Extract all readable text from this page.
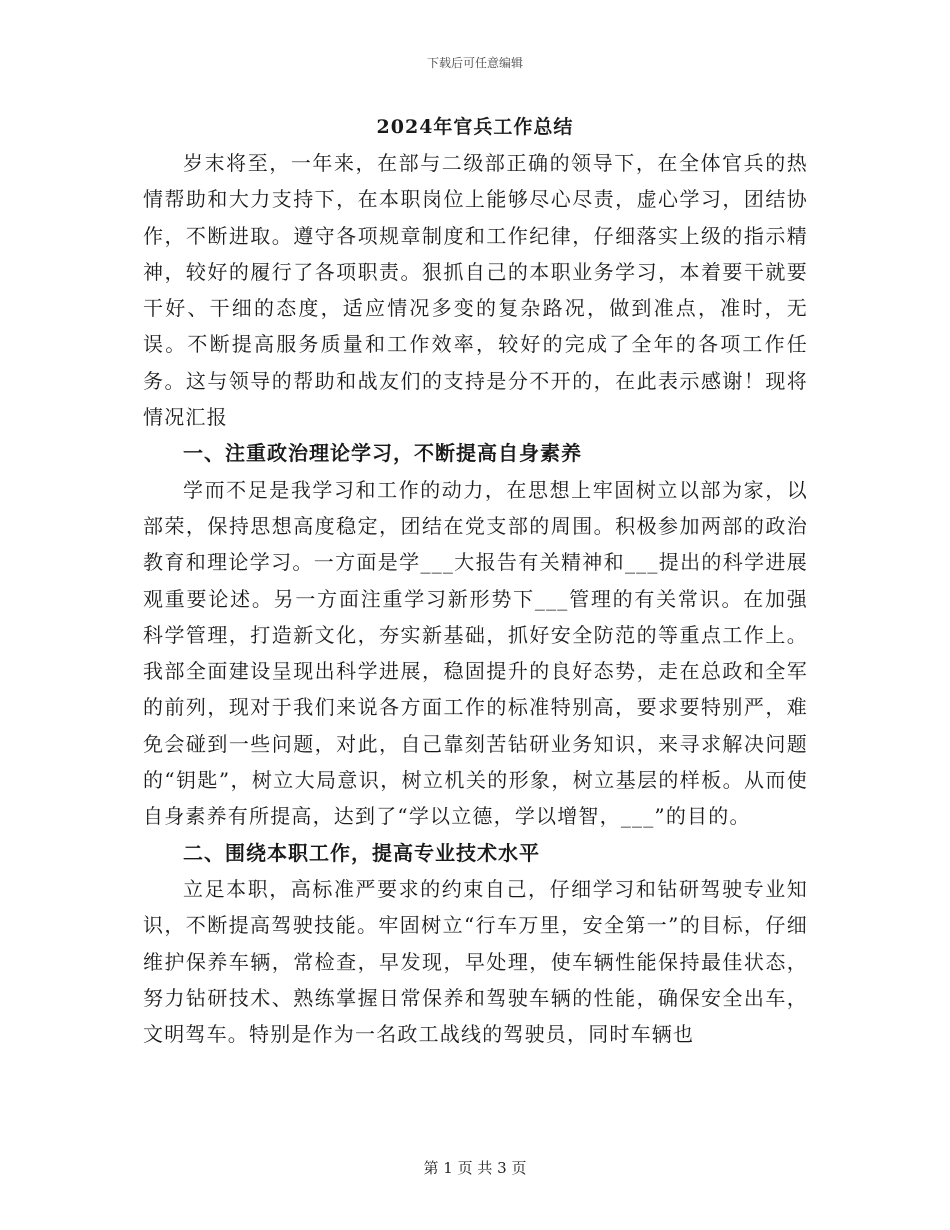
下载后可任意编辑
2024年官兵工作总结

岁末将至，一年来，在部与二级部正确的领导下，在全体官兵的热情帮助和大力支持下，在本职岗位上能够尽心尽责，虚心学习，团结协作，不断进取。遵守各项规章制度和工作纪律，仔细落实上级的指示精神，较好的履行了各项职责。狠抓自己的本职业务学习，本着要干就要干好、干细的态度，适应情况多变的复杂路况，做到准点，准时，无误。不断提高服务质量和工作效率，较好的完成了全年的各项工作任务。这与领导的帮助和战友们的支持是分不开的，在此表示感谢！现将情况汇报

一、注重政治理论学习，不断提高自身素养

学而不足是我学习和工作的动力，在思想上牢固树立以部为家，以部荣，保持思想高度稳定，团结在党支部的周围。积极参加两部的政治教育和理论学习。一方面是学___大报告有关精神和___提出的科学进展观重要论述。另一方面注重学习新形势下___管理的有关常识。在加强科学管理，打造新文化，夯实新基础，抓好安全防范的等重点工作上。我部全面建设呈现出科学进展，稳固提升的良好态势，走在总政和全军的前列，现对于我们来说各方面工作的标准特别高，要求要特别严，难免会碰到一些问题，对此，自己靠刻苦钻研业务知识，来寻求解决问题的“钥匙”，树立大局意识，树立机关的形象，树立基层的样板。从而使自身素养有所提高，达到了“学以立德，学以增智，___”的目的。

二、围绕本职工作，提高专业技术水平

立足本职，高标准严要求的约束自己，仔细学习和钻研驾驶专业知识，不断提高驾驶技能。牢固树立“行车万里，安全第一”的目标，仔细维护保养车辆，常检查，早发现，早处理，使车辆性能保持最佳状态，努力钻研技术、熟练掌握日常保养和驾驶车辆的性能，确保安全出车，文明驾车。特别是作为一名政工战线的驾驶员，同时车辆也

第 1 页 共 3 页
